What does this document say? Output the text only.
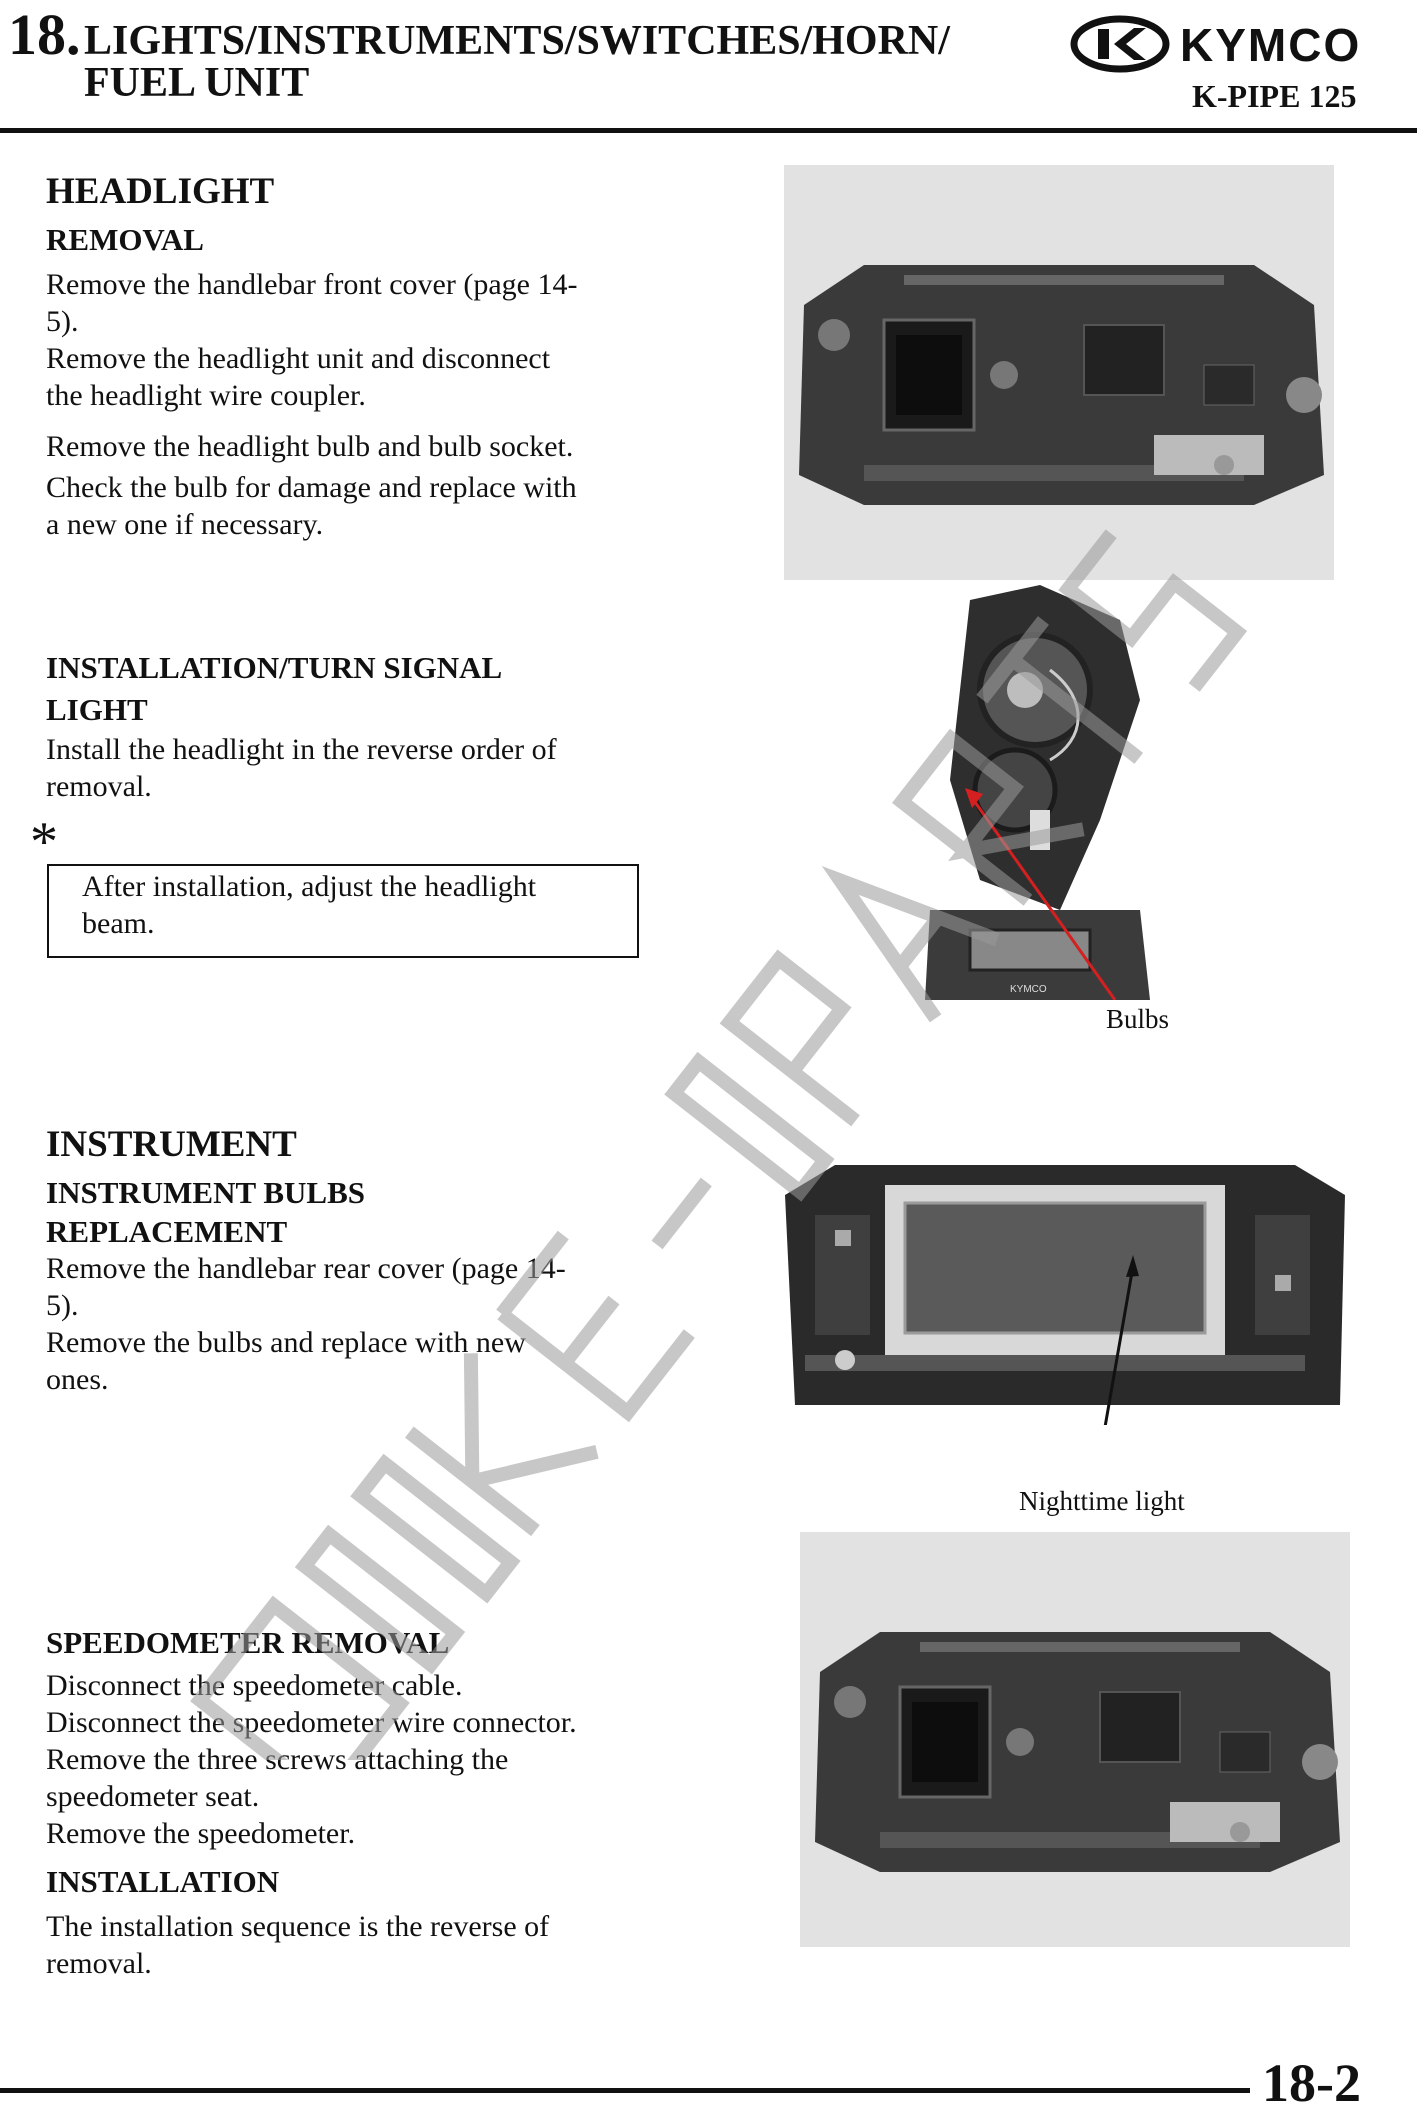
18. LIGHTS/INSTRUMENTS/SWITCHES/HORN/
FUEL UNIT
KYMCO
K-PIPE 125
HEADLIGHT
REMOVAL
Remove the handlebar front cover (page 14-
5).
Remove the headlight unit and disconnect
the headlight wire coupler.
Remove the headlight bulb and bulb socket.
Check the bulb for damage and replace with
a new one if necessary.
INSTALLATION/TURN SIGNAL
LIGHT
Install the headlight in the reverse order of
removal.
*
After installation, adjust the headlight
beam.
KYMCO
Bulbs
INSTRUMENT
INSTRUMENT BULBS
REPLACEMENT
Remove the handlebar rear cover (page 14-
5).
Remove the bulbs and replace with new
ones.
Nighttime light
SPEEDOMETER REMOVAL
Disconnect the speedometer cable.
Disconnect the speedometer wire connector.
Remove the three screws attaching the
speedometer seat.
Remove the speedometer.
INSTALLATION
The installation sequence is the reverse of
removal.
18-2
